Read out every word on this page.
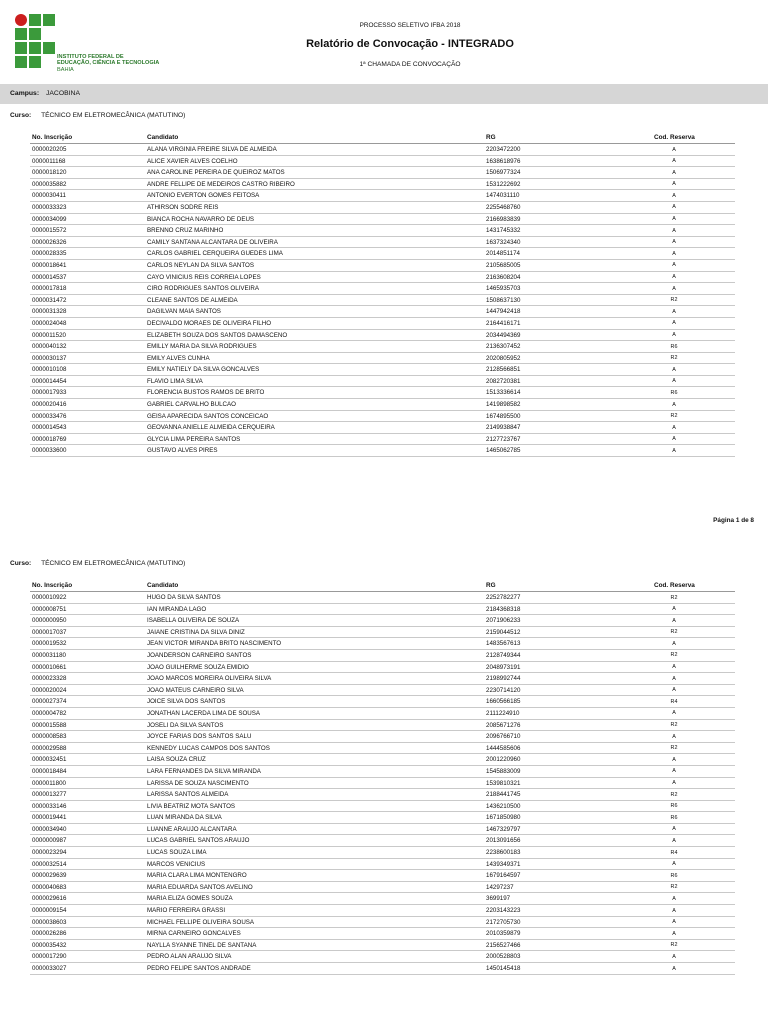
INSTITUTO FEDERAL DE
EDUCAÇÃO, CIÊNCIA E TECNOLOGIA
BAHIA
PROCESSO SELETIVO IFBA 2018
Relatório de Convocação - INTEGRADO
1ª CHAMADA DE CONVOCAÇÃO
Campus: JACOBINA
Curso: TÉCNICO EM ELETROMECÂNICA (MATUTINO)
No. Inscrição	Candidato	RG	Cod. Reserva
0000020205	ALANA VIRGINIA FREIRE SILVA DE ALMEIDA	2203472200	A
0000011168	ALICE XAVIER ALVES COELHO	1638618976	A
0000018120	ANA CAROLINE PEREIRA DE QUEIROZ MATOS	1506977324	A
0000035882	ANDRE FELLIPE DE MEDEIROS CASTRO RIBEIRO	1531222692	A
0000030411	ANTONIO EVERTON GOMES FEITOSA	1474031110	A
0000033323	ATHIRSON SODRE REIS	2255468760	A
0000034099	BIANCA ROCHA NAVARRO DE DEUS	2166983839	A
0000015572	BRENNO CRUZ MARINHO	1431745332	A
0000026326	CAMILY SANTANA ALCANTARA DE OLIVEIRA	1637324340	A
0000028335	CARLOS GABRIEL CERQUEIRA GUEDES LIMA	2014851174	A
0000018641	CARLOS NEYLAN DA SILVA SANTOS	2105685005	A
0000014537	CAYO VINICIUS REIS CORREIA LOPES	2163608204	A
0000017818	CIRO RODRIGUES SANTOS OLIVEIRA	1465935703	A
0000031472	CLEANE SANTOS DE ALMEIDA	1508637130	R2
0000031328	DAGILVAN MAIA SANTOS	1447942418	A
0000024048	DECIVALDO MORAES DE OLIVEIRA FILHO	2164416171	A
0000011520	ELIZABETH SOUZA DOS SANTOS DAMASCENO	2034494369	A
0000040132	EMILLY MARIA DA SILVA RODRIGUES	2136307452	R6
0000030137	EMILY ALVES CUNHA	2020805952	R2
0000010108	EMILY NATIELY DA SILVA GONCALVES	2128566851	A
0000014454	FLAVIO LIMA SILVA	2082720381	A
0000017933	FLORENCIA BUSTOS RAMOS DE BRITO	1513336614	R6
0000020416	GABRIEL CARVALHO BULCAO	1419898582	A
0000033476	GEISA APARECIDA SANTOS CONCEICAO	1674895500	R2
0000014543	GEOVANNA ANIELLE ALMEIDA CERQUEIRA	2149938847	A
0000018769	GLYCIA LIMA PEREIRA SANTOS	2127723767	A
0000033600	GUSTAVO ALVES PIRES	1465062785	A
Página 1 de 8
Curso: TÉCNICO EM ELETROMECÂNICA (MATUTINO)
No. Inscrição	Candidato	RG	Cod. Reserva
0000010922	HUGO DA SILVA SANTOS	2252782277	R2
0000008751	IAN MIRANDA LAGO	2184368318	A
0000000950	ISABELLA OLIVEIRA DE SOUZA	2071906233	A
0000017037	JAIANE CRISTINA DA SILVA DINIZ	2159044512	R2
0000019532	JEAN VICTOR MIRANDA BRITO NASCIMENTO	1483567613	A
0000031180	JOANDERSON CARNEIRO SANTOS	2128749344	R2
0000010661	JOAO GUILHERME SOUZA EMIDIO	2048973191	A
0000023328	JOAO MARCOS MOREIRA OLIVEIRA SILVA	2198992744	A
0000020024	JOAO MATEUS CARNEIRO SILVA	2230714120	A
0000027374	JOICE SILVA DOS SANTOS	1660566185	R4
0000004782	JONATHAN LACERDA LIMA DE SOUSA	2111224910	A
0000015588	JOSELI DA SILVA SANTOS	2085671276	R2
0000008583	JOYCE FARIAS DOS SANTOS SALU	2096766710	A
0000029588	KENNEDY LUCAS CAMPOS DOS SANTOS	1444585606	R2
0000032451	LAISA SOUZA CRUZ	2001220960	A
0000018484	LARA FERNANDES DA SILVA MIRANDA	1545883009	A
0000011800	LARISSA DE SOUZA NASCIMENTO	1539810321	A
0000013277	LARISSA SANTOS ALMEIDA	2188441745	R2
0000033146	LIVIA BEATRIZ MOTA SANTOS	1436210500	R6
0000019441	LUAN MIRANDA DA SILVA	1671850980	R6
0000034940	LUANNE ARAUJO ALCANTARA	1467329797	A
0000000987	LUCAS GABRIEL SANTOS ARAUJO	2013091656	A
0000023294	LUCAS SOUZA LIMA	2238600183	R4
0000032514	MARCOS VENICIUS	1439349371	A
0000029639	MARIA CLARA LIMA MONTENGRO	1679164597	R6
0000040683	MARIA EDUARDA SANTOS AVELINO	14297237	R2
0000029616	MARIA ELIZA GOMES SOUZA	3699197	A
0000009154	MARIO FERREIRA GRASSI	2203143223	A
0000038603	MICHAEL FELLIPE OLIVEIRA SOUSA	2172705730	A
0000026286	MIRNA CARNEIRO GONCALVES	2010359879	A
0000035432	NAYLLA SYANNE TINEL DE SANTANA	2156527466	R2
0000017290	PEDRO ALAN ARAUJO SILVA	2000528803	A
0000033027	PEDRO FELIPE SANTOS ANDRADE	1450145418	A
